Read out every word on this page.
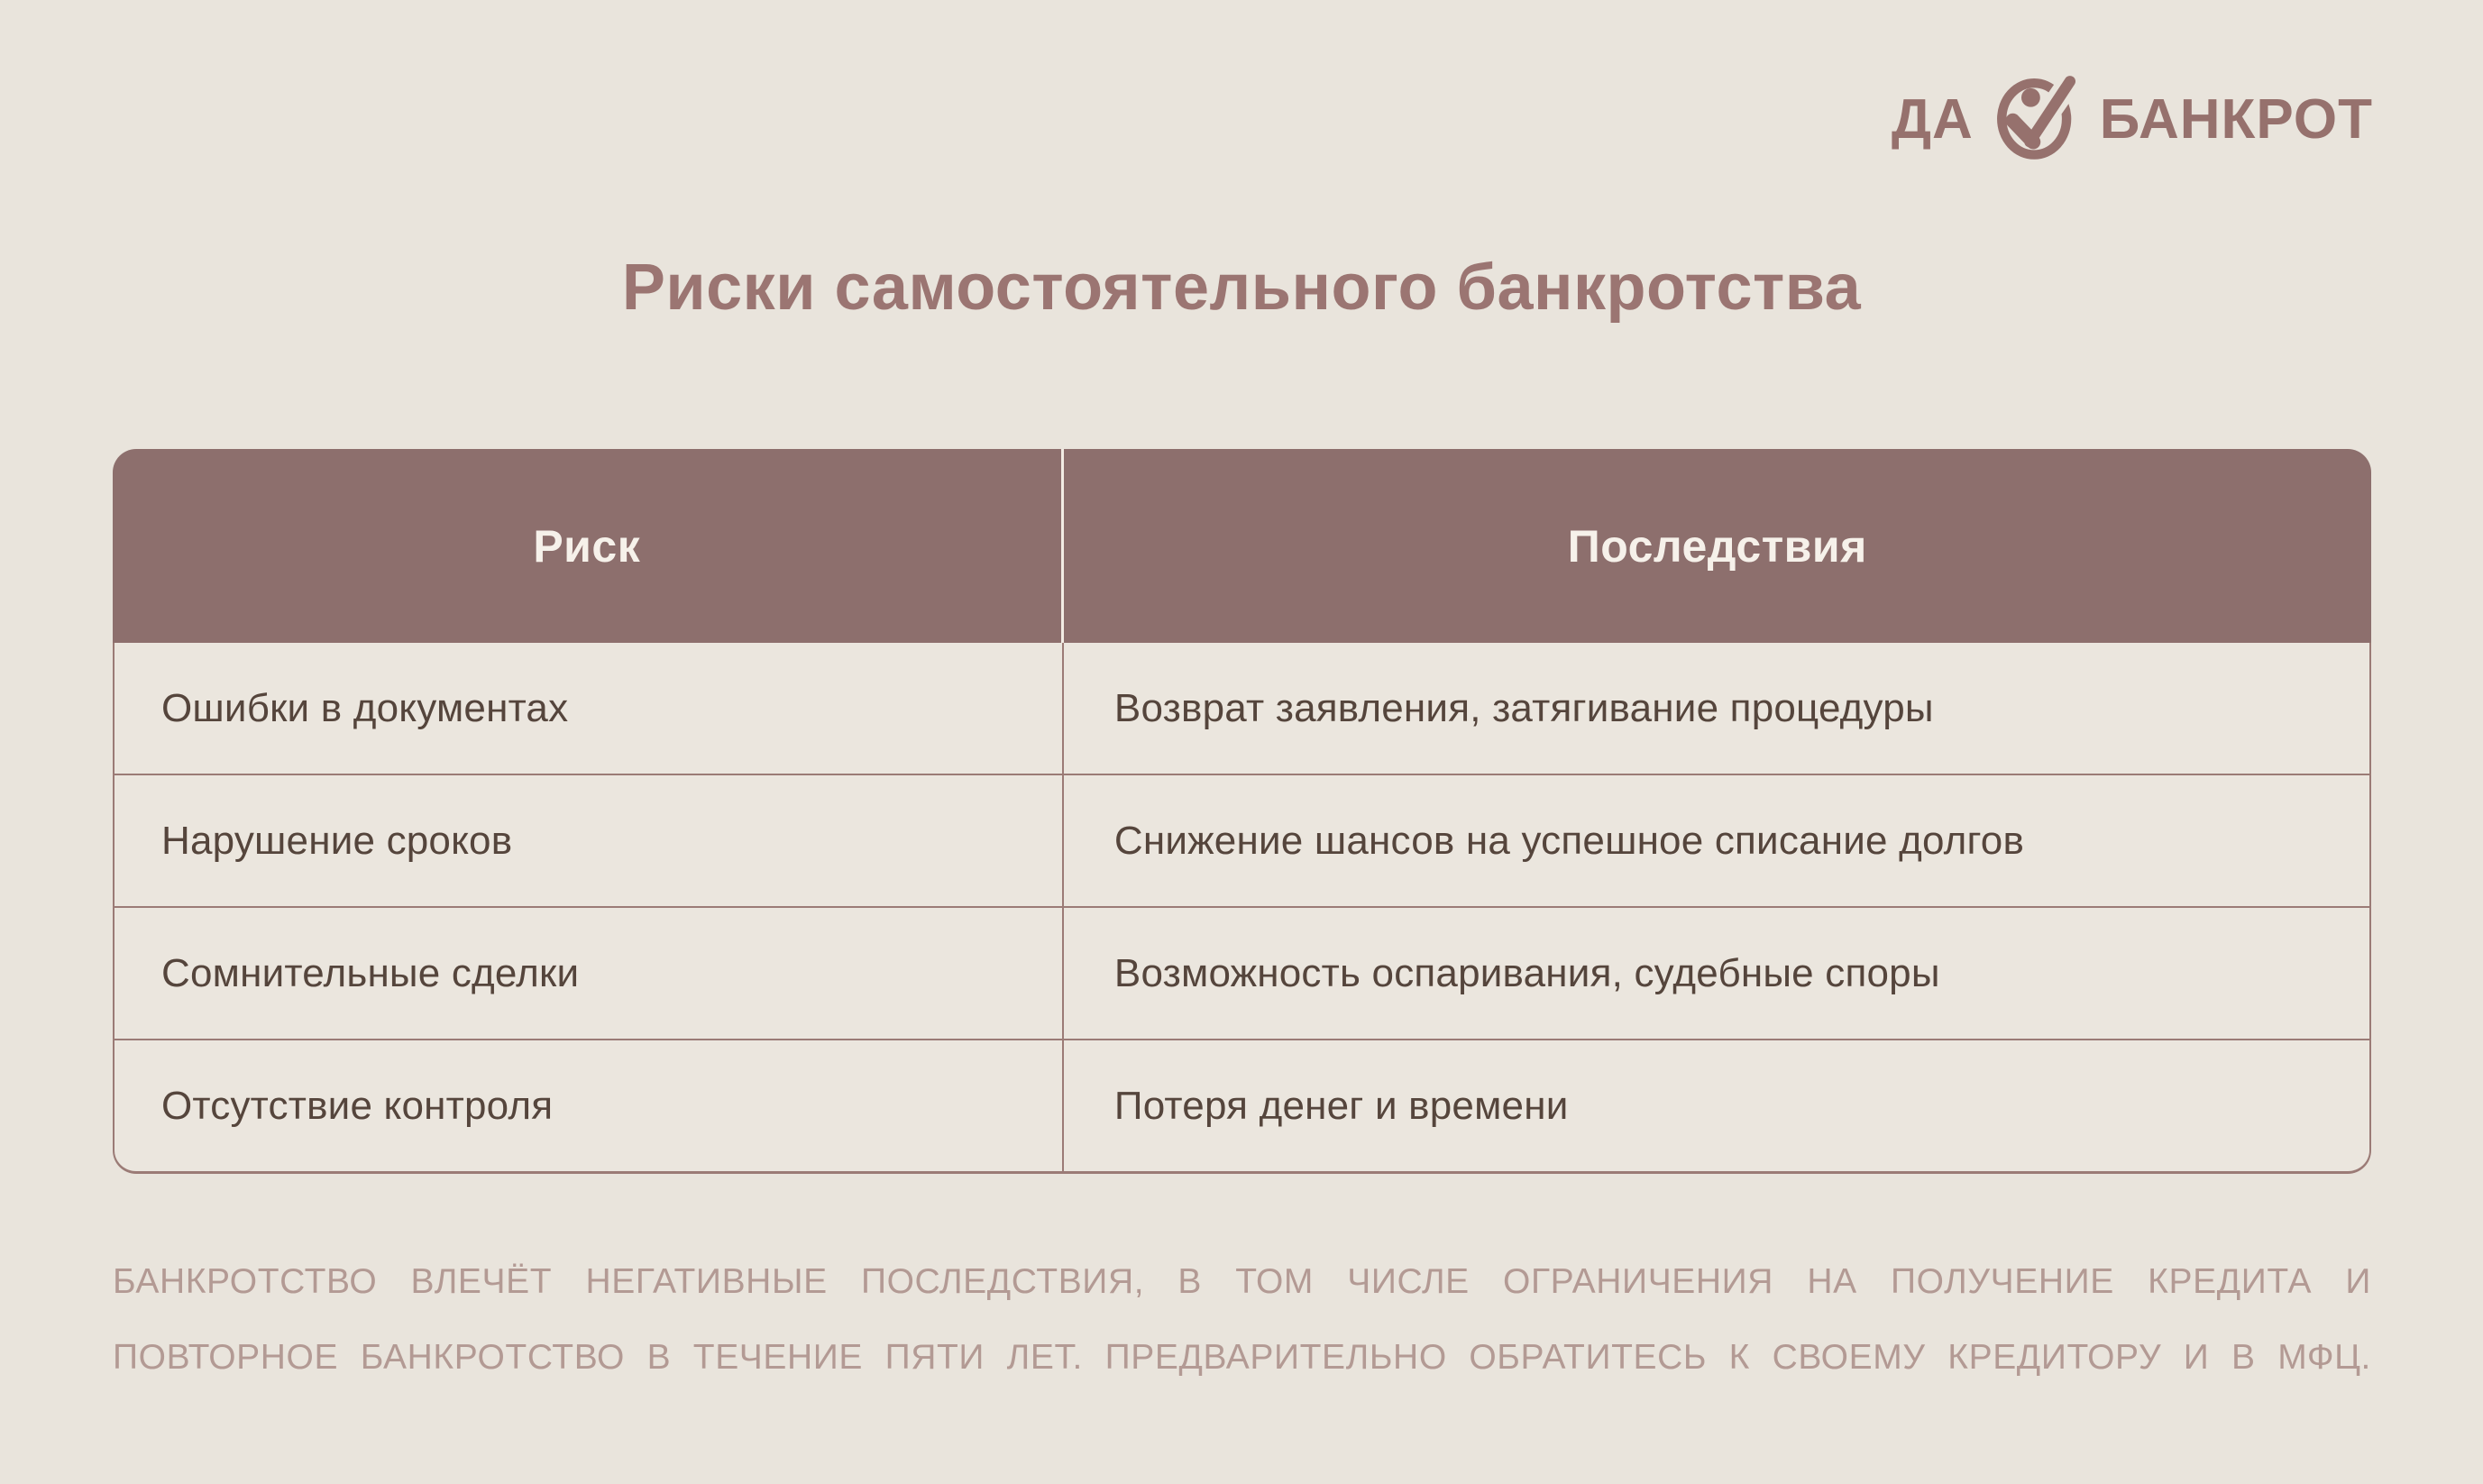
ДА БАНКРОТ
Риски самостоятельного банкротства
Риск	Последствия
Ошибки в документах	Возврат заявления, затягивание процедуры
Нарушение сроков	Снижение шансов на успешное списание долгов
Сомнительные сделки	Возможность оспаривания, судебные споры
Отсутствие контроля	Потеря денег и времени
БАНКРОТСТВО ВЛЕЧЁТ НЕГАТИВНЫЕ ПОСЛЕДСТВИЯ, В ТОМ ЧИСЛЕ ОГРАНИЧЕНИЯ НА ПОЛУЧЕНИЕ КРЕДИТА И
ПОВТОРНОЕ БАНКРОТСТВО В ТЕЧЕНИЕ ПЯТИ ЛЕТ. ПРЕДВАРИТЕЛЬНО ОБРАТИТЕСЬ К СВОЕМУ КРЕДИТОРУ И В МФЦ.
